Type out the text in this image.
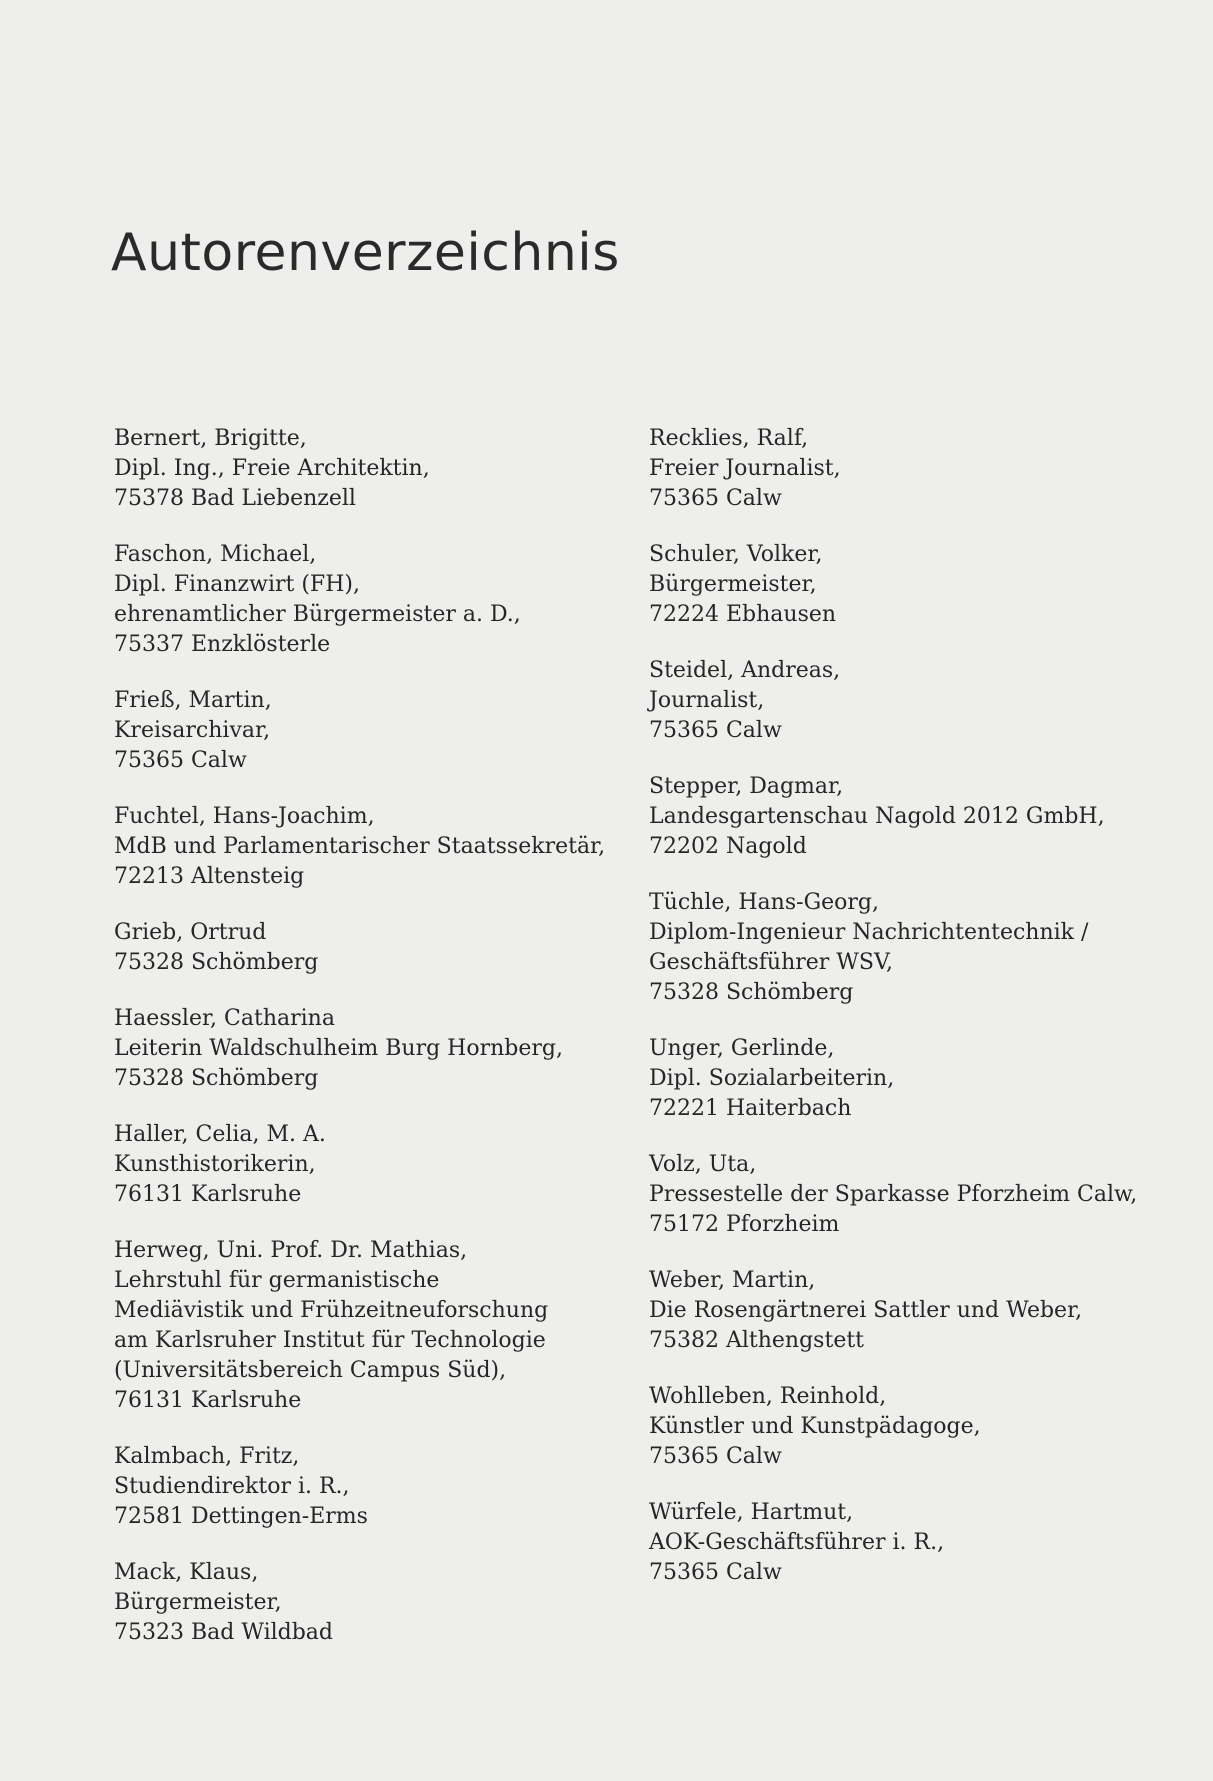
Autorenverzeichnis
Bernert, Brigitte,
Dipl. Ing., Freie Architektin,
75378 Bad Liebenzell
Faschon, Michael,
Dipl. Finanzwirt (FH),
ehrenamtlicher Bürgermeister a. D.,
75337 Enzklösterle
Frieß, Martin,
Kreisarchivar,
75365 Calw
Fuchtel, Hans-Joachim,
MdB und Parlamentarischer Staatssekretär,
72213 Altensteig
Grieb, Ortrud
75328 Schömberg
Haessler, Catharina
Leiterin Waldschulheim Burg Hornberg,
75328 Schömberg
Haller, Celia, M. A.
Kunsthistorikerin,
76131 Karlsruhe
Herweg, Uni. Prof. Dr. Mathias,
Lehrstuhl für germanistische
Mediävistik und Frühzeitneuforschung
am Karlsruher Institut für Technologie
(Universitätsbereich Campus Süd),
76131 Karlsruhe
Kalmbach, Fritz,
Studiendirektor i. R.,
72581 Dettingen-Erms
Mack, Klaus,
Bürgermeister,
75323 Bad Wildbad
Recklies, Ralf,
Freier Journalist,
75365 Calw
Schuler, Volker,
Bürgermeister,
72224 Ebhausen
Steidel, Andreas,
Journalist,
75365 Calw
Stepper, Dagmar,
Landesgartenschau Nagold 2012 GmbH,
72202 Nagold
Tüchle, Hans-Georg,
Diplom-Ingenieur Nachrichtentechnik /
Geschäftsführer WSV,
75328 Schömberg
Unger, Gerlinde,
Dipl. Sozialarbeiterin,
72221 Haiterbach
Volz, Uta,
Pressestelle der Sparkasse Pforzheim Calw,
75172 Pforzheim
Weber, Martin,
Die Rosengärtnerei Sattler und Weber,
75382 Althengstett
Wohlleben, Reinhold,
Künstler und Kunstpädagoge,
75365 Calw
Würfele, Hartmut,
AOK-Geschäftsführer i. R.,
75365 Calw
